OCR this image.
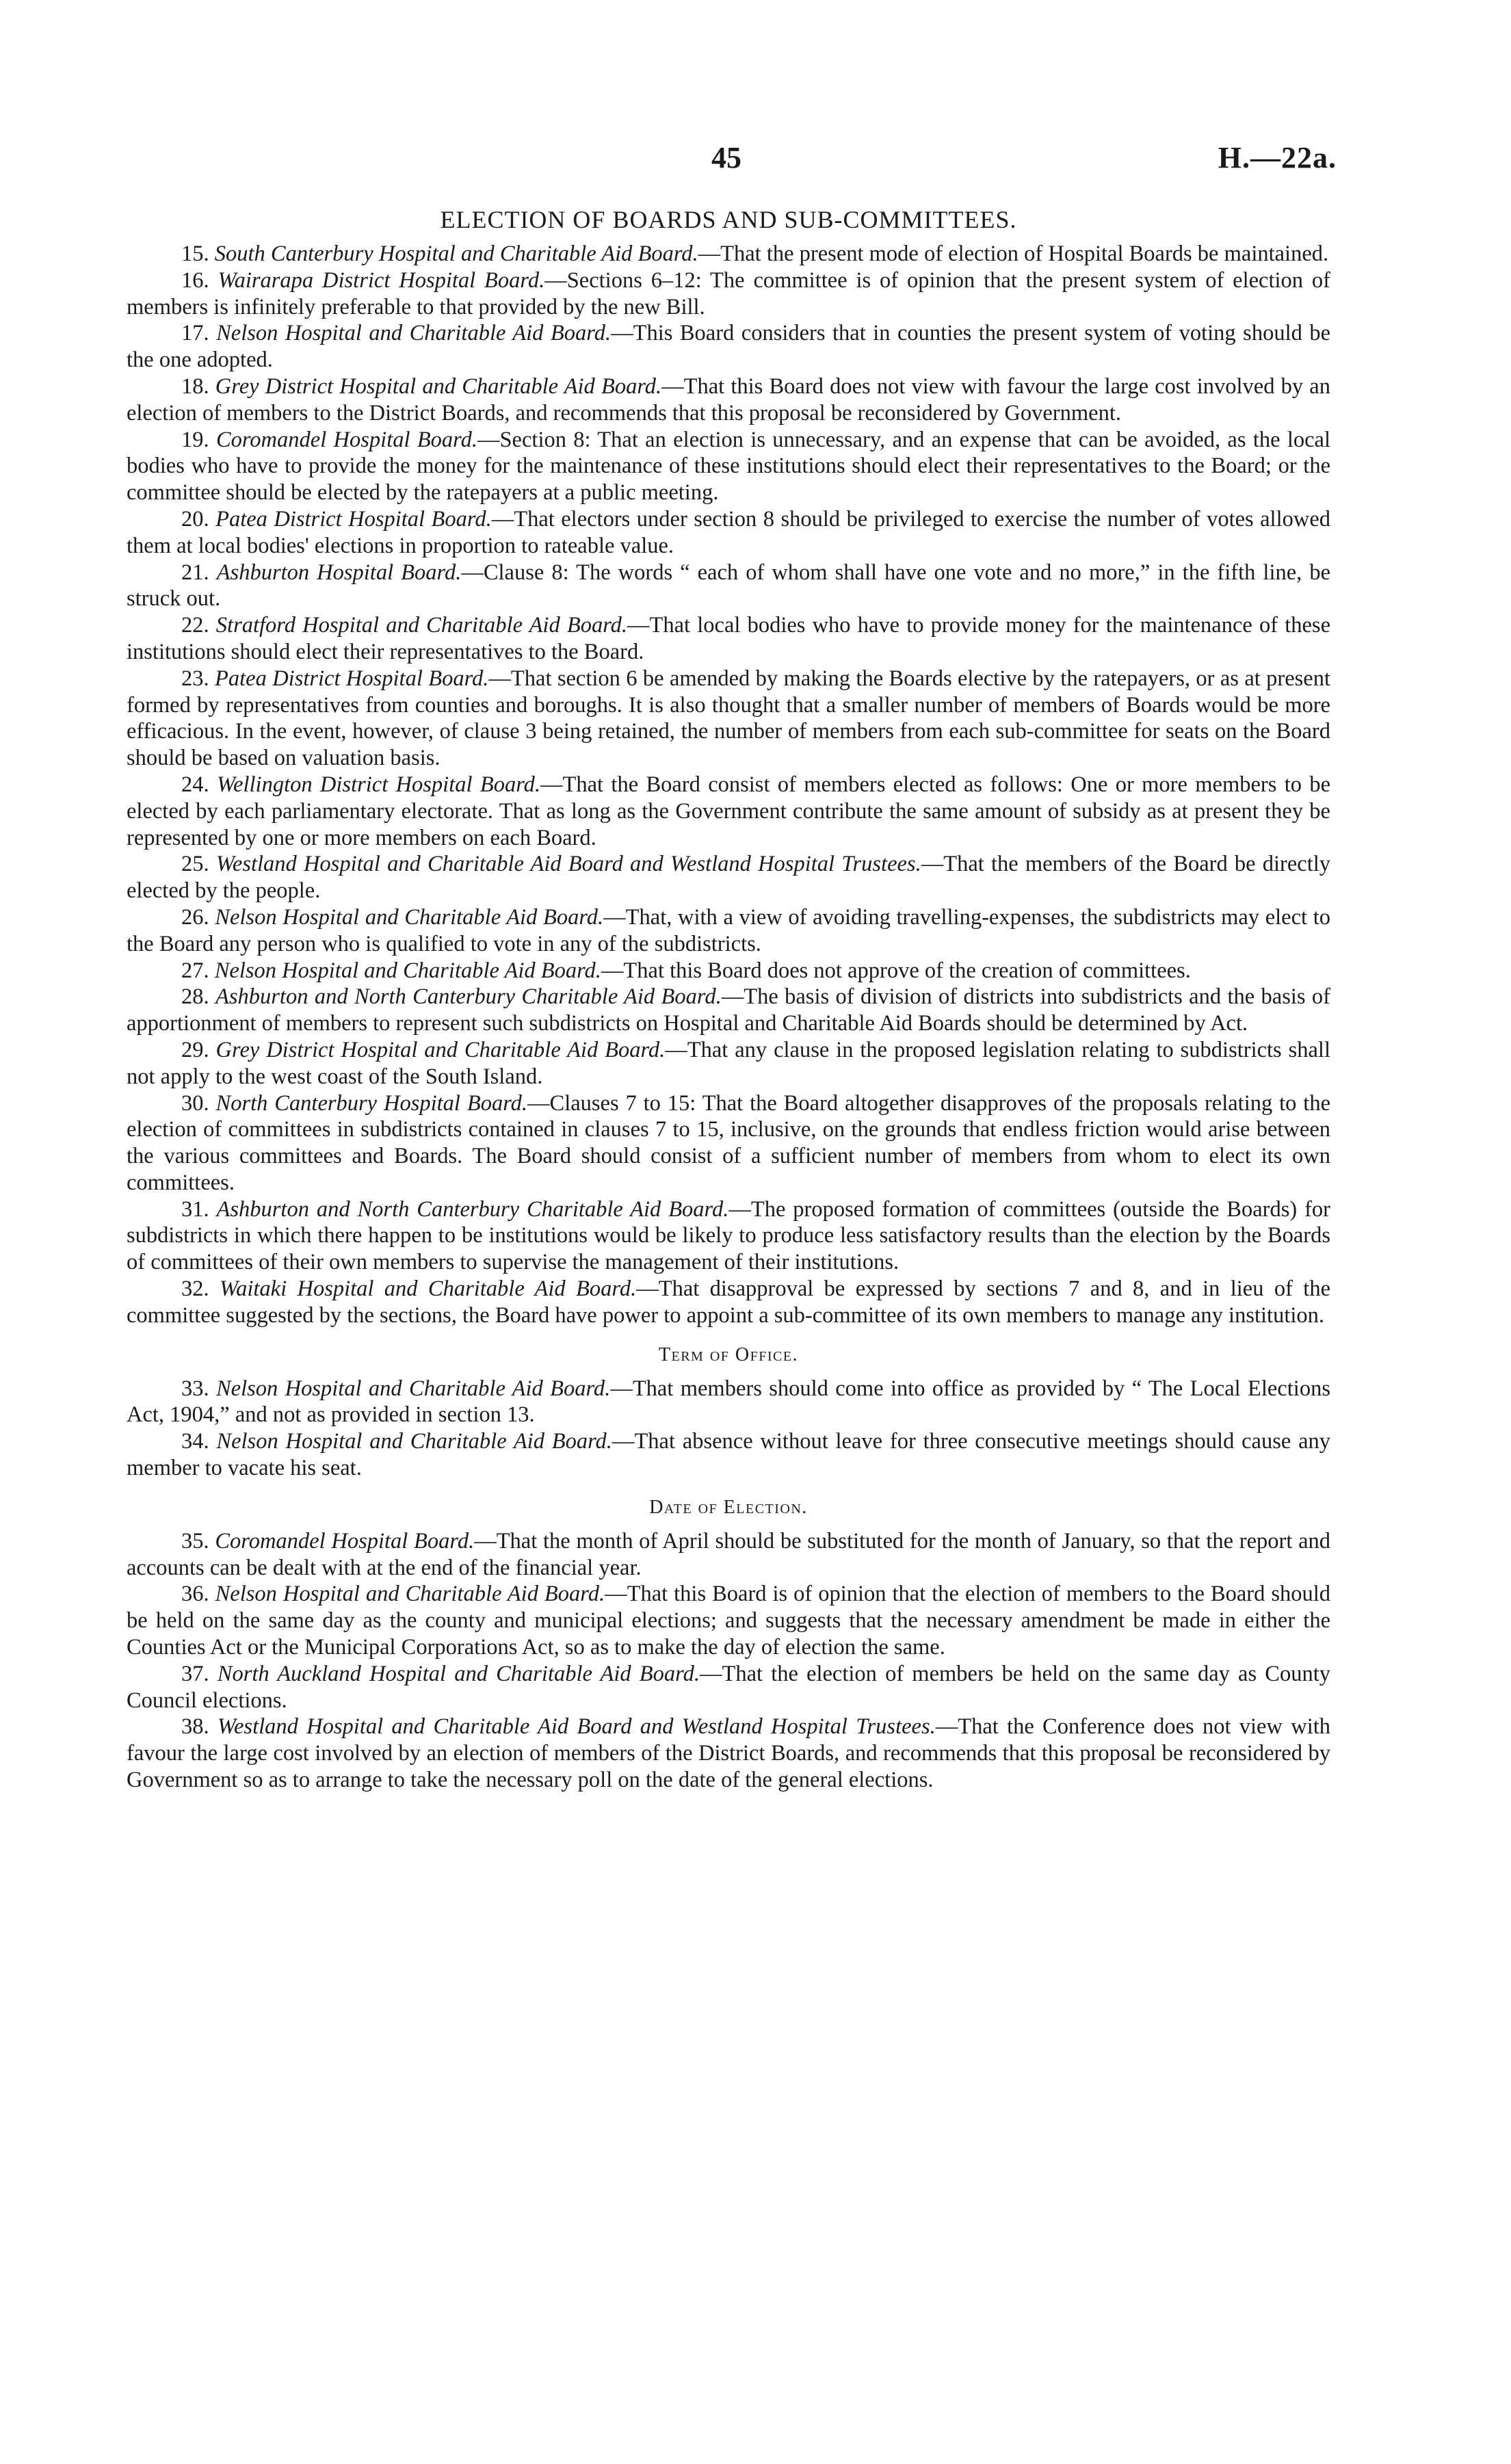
45	H.—22a.
ELECTION OF BOARDS AND SUB-COMMITTEES.

15. South Canterbury Hospital and Charitable Aid Board.—That the present mode of election of Hospital Boards be maintained.

16. Wairarapa District Hospital Board.—Sections 6–12: The committee is of opinion that the present system of election of members is infinitely preferable to that provided by the new Bill.

17. Nelson Hospital and Charitable Aid Board.—This Board considers that in counties the present system of voting should be the one adopted.

18. Grey District Hospital and Charitable Aid Board.—That this Board does not view with favour the large cost involved by an election of members to the District Boards, and recommends that this proposal be reconsidered by Government.

19. Coromandel Hospital Board.—Section 8: That an election is unnecessary, and an expense that can be avoided, as the local bodies who have to provide the money for the maintenance of these institutions should elect their representatives to the Board; or the committee should be elected by the ratepayers at a public meeting.

20. Patea District Hospital Board.—That electors under section 8 should be privileged to exercise the number of votes allowed them at local bodies' elections in proportion to rateable value.

21. Ashburton Hospital Board.—Clause 8: The words “ each of whom shall have one vote and no more,” in the fifth line, be struck out.

22. Stratford Hospital and Charitable Aid Board.—That local bodies who have to provide money for the maintenance of these institutions should elect their representatives to the Board.

23. Patea District Hospital Board.—That section 6 be amended by making the Boards elective by the ratepayers, or as at present formed by representatives from counties and boroughs. It is also thought that a smaller number of members of Boards would be more efficacious. In the event, however, of clause 3 being retained, the number of members from each sub-committee for seats on the Board should be based on valuation basis.

24. Wellington District Hospital Board.—That the Board consist of members elected as follows: One or more members to be elected by each parliamentary electorate. That as long as the Government contribute the same amount of subsidy as at present they be represented by one or more members on each Board.

25. Westland Hospital and Charitable Aid Board and Westland Hospital Trustees.—That the members of the Board be directly elected by the people.

26. Nelson Hospital and Charitable Aid Board.—That, with a view of avoiding travelling-expenses, the subdistricts may elect to the Board any person who is qualified to vote in any of the subdistricts.

27. Nelson Hospital and Charitable Aid Board.—That this Board does not approve of the creation of committees.

28. Ashburton and North Canterbury Charitable Aid Board.—The basis of division of districts into subdistricts and the basis of apportionment of members to represent such subdistricts on Hospital and Charitable Aid Boards should be determined by Act.

29. Grey District Hospital and Charitable Aid Board.—That any clause in the proposed legislation relating to subdistricts shall not apply to the west coast of the South Island.

30. North Canterbury Hospital Board.—Clauses 7 to 15: That the Board altogether disapproves of the proposals relating to the election of committees in subdistricts contained in clauses 7 to 15, inclusive, on the grounds that endless friction would arise between the various committees and Boards. The Board should consist of a sufficient number of members from whom to elect its own committees.

31. Ashburton and North Canterbury Charitable Aid Board.—The proposed formation of committees (outside the Boards) for subdistricts in which there happen to be institutions would be likely to produce less satisfactory results than the election by the Boards of committees of their own members to supervise the management of their institutions.

32. Waitaki Hospital and Charitable Aid Board.—That disapproval be expressed by sections 7 and 8, and in lieu of the committee suggested by the sections, the Board have power to appoint a sub-committee of its own members to manage any institution.

Term of Office.

33. Nelson Hospital and Charitable Aid Board.—That members should come into office as provided by “ The Local Elections Act, 1904,” and not as provided in section 13.

34. Nelson Hospital and Charitable Aid Board.—That absence without leave for three consecutive meetings should cause any member to vacate his seat.

Date of Election.

35. Coromandel Hospital Board.—That the month of April should be substituted for the month of January, so that the report and accounts can be dealt with at the end of the financial year.

36. Nelson Hospital and Charitable Aid Board.—That this Board is of opinion that the election of members to the Board should be held on the same day as the county and municipal elections; and suggests that the necessary amendment be made in either the Counties Act or the Municipal Corporations Act, so as to make the day of election the same.

37. North Auckland Hospital and Charitable Aid Board.—That the election of members be held on the same day as County Council elections.

38. Westland Hospital and Charitable Aid Board and Westland Hospital Trustees.—That the Conference does not view with favour the large cost involved by an election of members of the District Boards, and recommends that this proposal be reconsidered by Government so as to arrange to take the necessary poll on the date of the general elections.
